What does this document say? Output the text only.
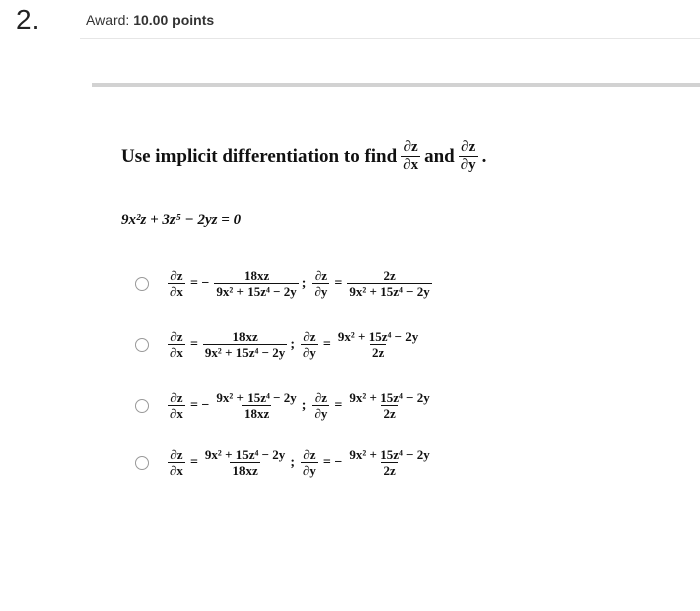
2.	Award: 10.00 points
Use implicit differentiation to find $\frac{\partial z}{\partial x}$ and $\frac{\partial z}{\partial y}$ .
9x²z + 3z⁵ − 2yz = 0
$\frac{\partial z}{\partial x}$ = − $\frac{18xz}{\text{9x² + 15z⁴ − 2y}}$ ; $\frac{\partial z}{\partial y} = \frac{2z}{\text{9x² + 15z⁴ − 2y}}$
$\frac{\partial z}{\partial x} = \frac{18xz}{\text{9x² + 15z⁴ − 2y}}$ ; $\frac{\partial z}{\partial y} = \frac{\text{9x² + 15z⁴ − 2y}}{2z}$
$\frac{\partial z}{\partial x}$ = − $\frac{\text{9x² + 15z⁴ − 2y}}{18xz}$ ; $\frac{\partial z}{\partial y} = \frac{\text{9x² + 15z⁴ − 2y}}{2z}$
$\frac{\partial z}{\partial x} = \frac{\text{9x² + 15z⁴ − 2y}}{18xz}$ ; $\frac{\partial z}{\partial y}$ = − $\frac{\text{9x² + 15z⁴ − 2y}}{2z}$
